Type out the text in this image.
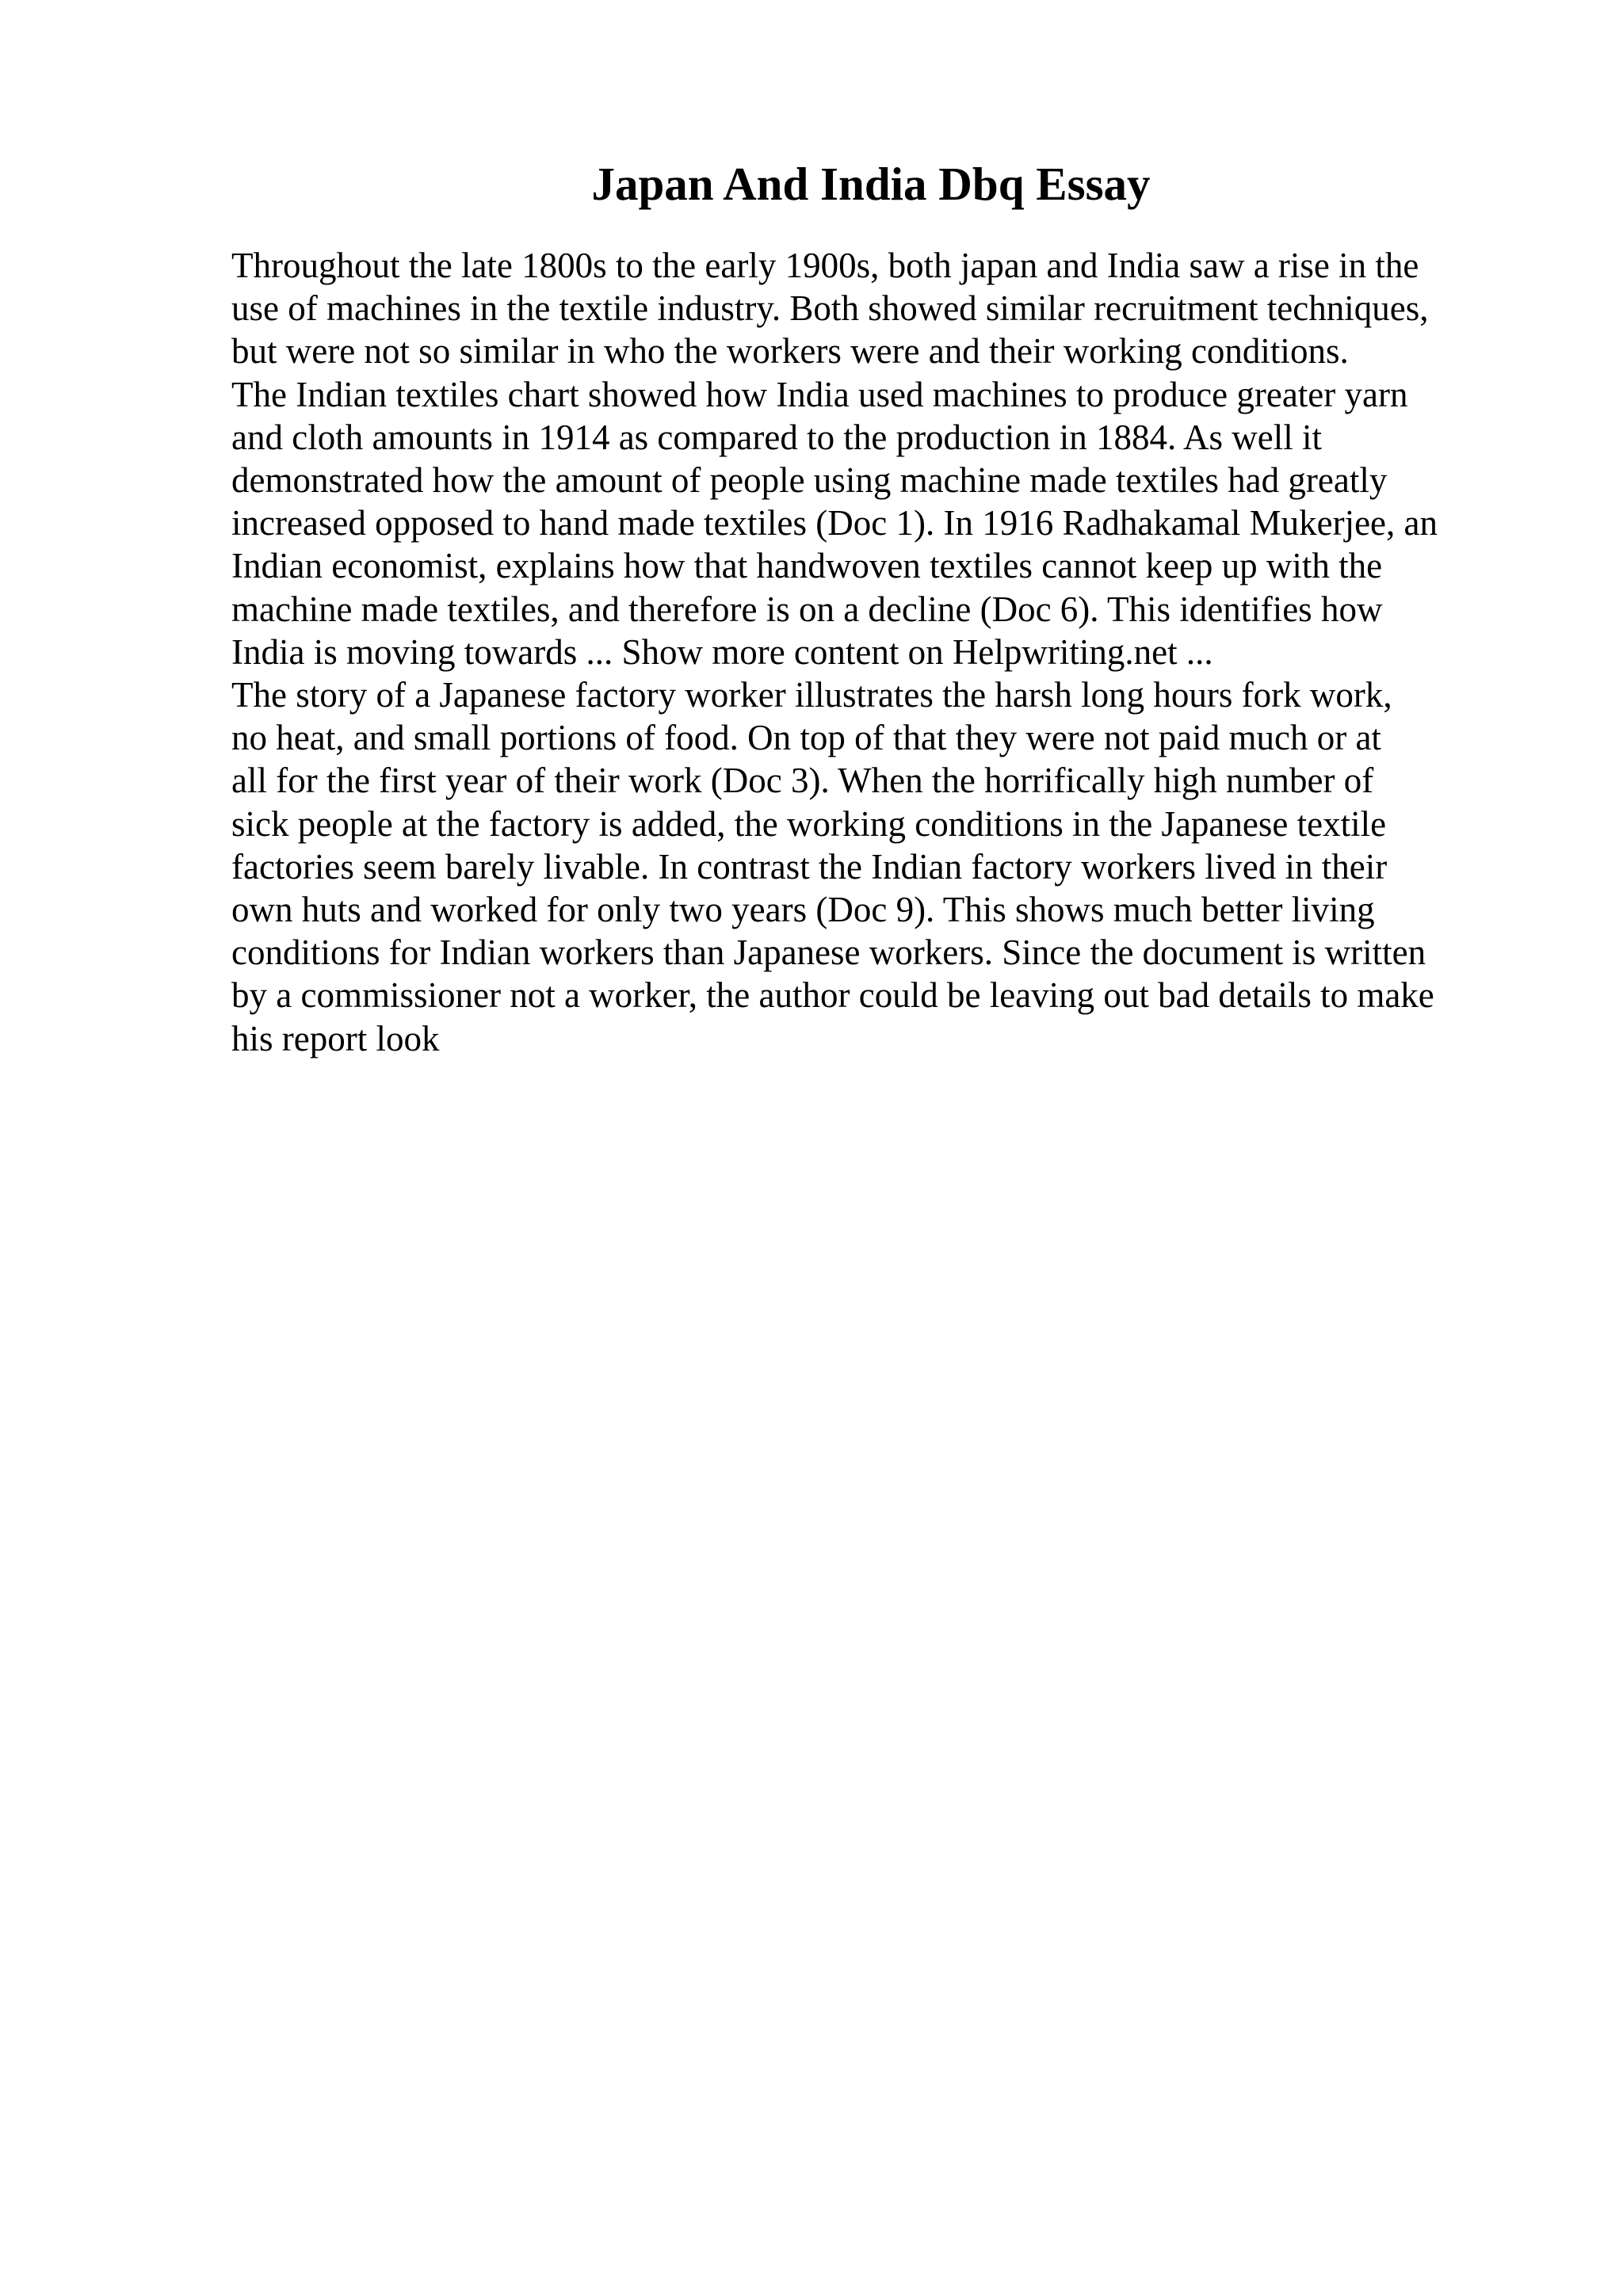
Japan And India Dbq Essay
Throughout the late 1800s to the early 1900s, both japan and India saw a rise in the
use of machines in the textile industry. Both showed similar recruitment techniques,
but were not so similar in who the workers were and their working conditions.
The Indian textiles chart showed how India used machines to produce greater yarn
and cloth amounts in 1914 as compared to the production in 1884. As well it
demonstrated how the amount of people using machine made textiles had greatly
increased opposed to hand made textiles (Doc 1). In 1916 Radhakamal Mukerjee, an
Indian economist, explains how that handwoven textiles cannot keep up with the
machine made textiles, and therefore is on a decline (Doc 6). This identifies how
India is moving towards ... Show more content on Helpwriting.net ...
The story of a Japanese factory worker illustrates the harsh long hours fork work,
no heat, and small portions of food. On top of that they were not paid much or at
all for the first year of their work (Doc 3). When the horrifically high number of
sick people at the factory is added, the working conditions in the Japanese textile
factories seem barely livable. In contrast the Indian factory workers lived in their
own huts and worked for only two years (Doc 9). This shows much better living
conditions for Indian workers than Japanese workers. Since the document is written
by a commissioner not a worker, the author could be leaving out bad details to make
his report look
